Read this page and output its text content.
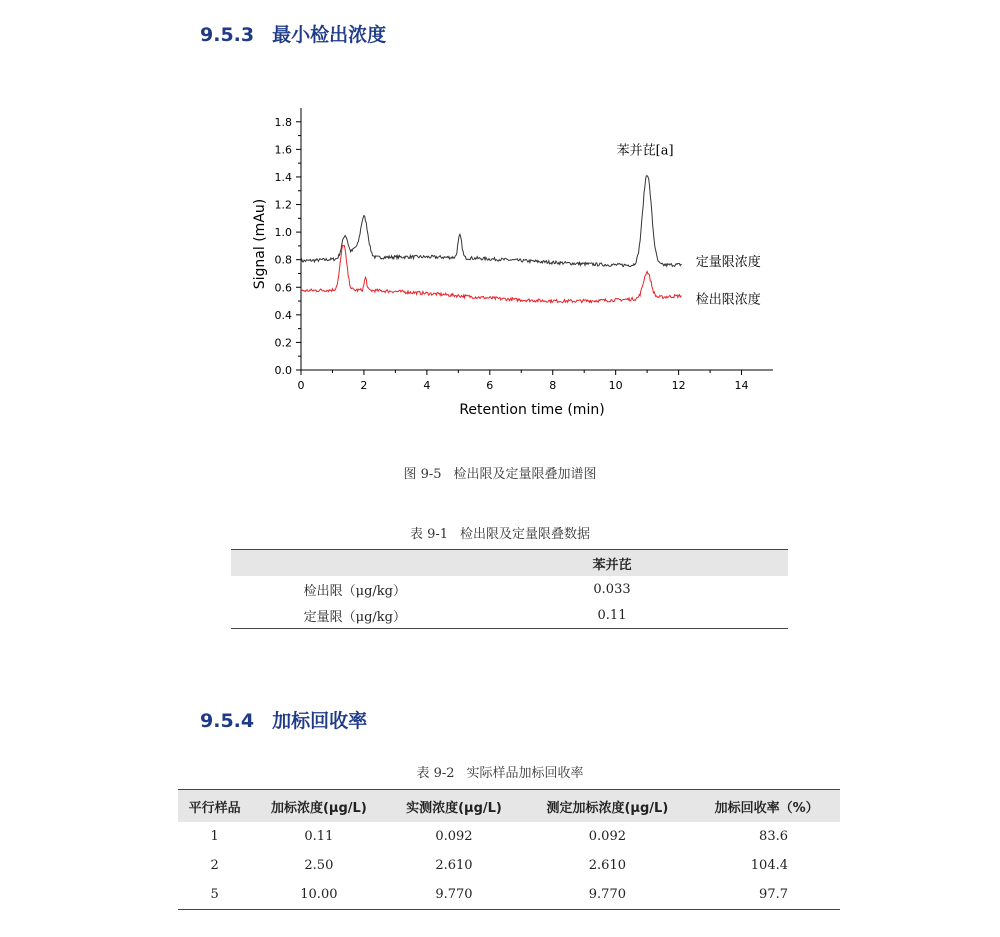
9.5.3 最小检出浓度
0	2	4	6	8	10	12	14
0.0
0.2
0.4
0.6
0.8
1.0
1.2
1.4
1.6
1.8
Retention time (min)
Signal (mAu)	定量限浓度
检出限浓度
苯并芘[a]

图 9-5 检出限及定量限叠加谱图

表 9-1 检出限及定量限叠数据

	苯并芘
检出限（μg/kg）	0.033
定量限（μg/kg）	0.11
9.5.4 加标回收率

表 9-2 实际样品加标回收率

平行样品	加标浓度(μg/L)	实测浓度(μg/L)	测定加标浓度(μg/L)	加标回收率（%）
1	0.11	0.092	0.092	83.6
2	2.50	2.610	2.610	104.4
5	10.00	9.770	9.770	97.7
